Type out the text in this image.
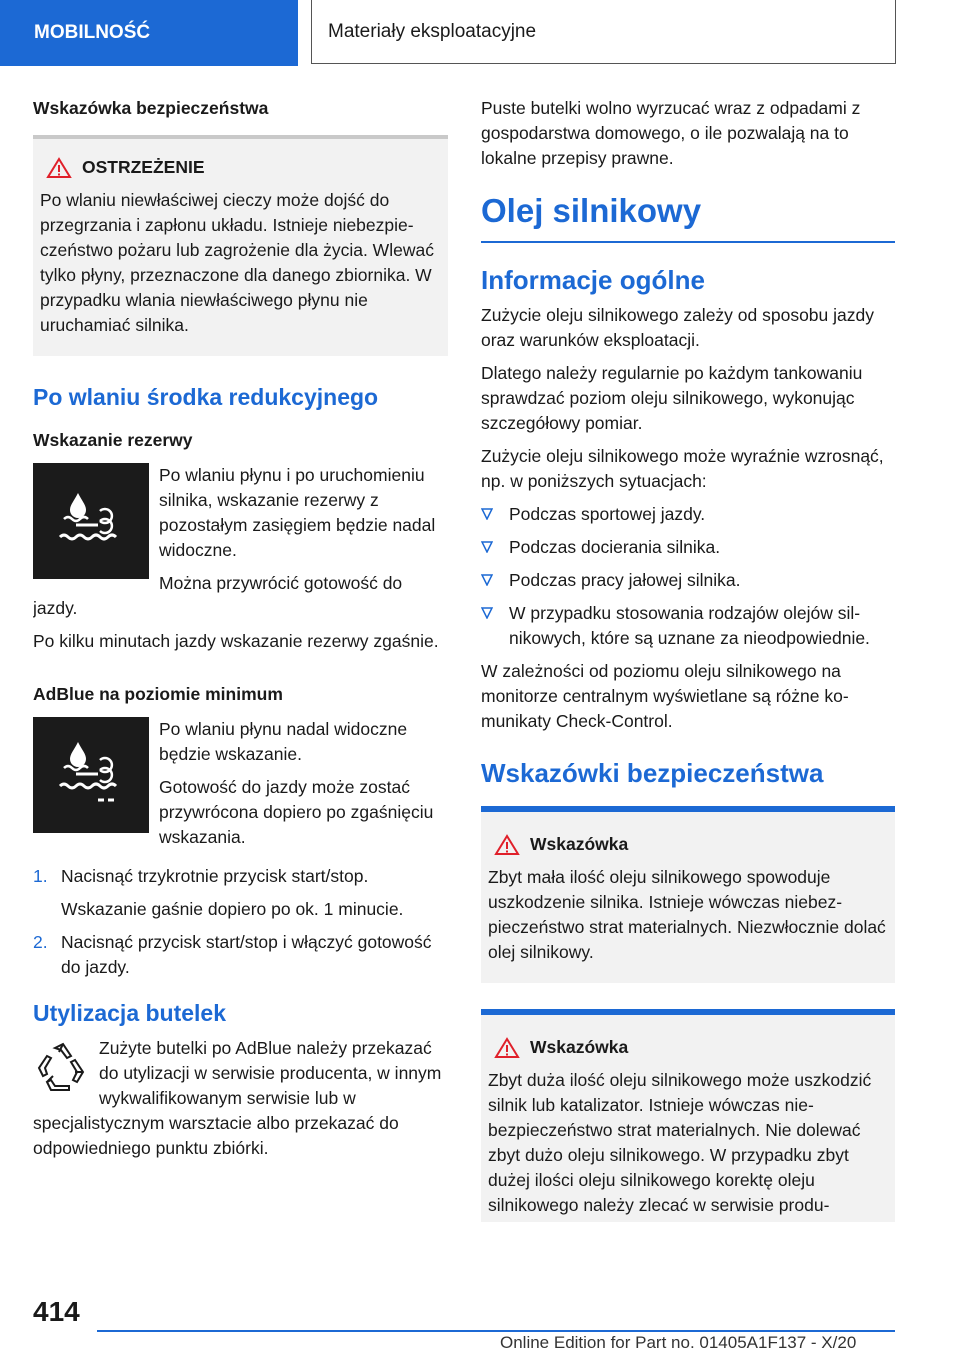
MOBILNOŚĆ	Materiały eksploatacyjne
Wskazówka bezpieczeństwa
OSTRZEŻENIE
Po wlaniu niewłaściwej cieczy może dojść do przegrzania i zapłonu układu. Istnieje niebezpieczeństwo pożaru lub zagrożenie dla życia. Wlewać tylko płyny, przeznaczone dla danego zbiornika. W przypadku wlania niewłaściwego płynu nie uruchamiać silnika.
Po wlaniu środka redukcyjnego
Wskazanie rezerwy

Po wlaniu płynu i po uruchomieniu silnika, wskazanie rezerwy z pozostałym zasięgiem będzie nadal widoczne.

Można przywrócić gotowość do jazdy.

Po kilku minutach jazdy wskazanie rezerwy zgaśnie.

AdBlue na poziomie minimum

Po wlaniu płynu nadal widoczne będzie wskazanie.

Gotowość do jazdy może zostać przywrócona dopiero po zgaśnięciu wskazania.

1. Nacisnąć trzykrotnie przycisk start/stop.
Wskazanie gaśnie dopiero po ok. 1 minucie.
2. Nacisnąć przycisk start/stop i włączyć gotowość do jazdy.
Utylizacja butelek

Zużyte butelki po AdBlue należy przekazać do utylizacji w serwisie producenta, w innym wykwalifikowanym serwisie lub w specjalistycznym warsztacie albo przekazać do odpowiedniego punktu zbiórki.

Puste butelki wolno wyrzucać wraz z odpadami z gospodarstwa domowego, o ile pozwalają na to lokalne przepisy prawne.

Olej silnikowy
Informacje ogólne

Zużycie oleju silnikowego zależy od sposobu jazdy oraz warunków eksploatacji.

Dlatego należy regularnie po każdym tankowaniu sprawdzać poziom oleju silnikowego, wykonując szczegółowy pomiar.

Zużycie oleju silnikowego może wyraźnie wzrosnąć, np. w poniższych sytuacjach:

Podczas sportowej jazdy.
Podczas docierania silnika.
Podczas pracy jałowej silnika.
W przypadku stosowania rodzajów olejów silnikowych, które są uznane za nieodpowiednie.

W zależności od poziomu oleju silnikowego na monitorze centralnym wyświetlane są różne komunikaty Check-Control.

Wskazówki bezpieczeństwa
Wskazówka
Zbyt mała ilość oleju silnikowego spowoduje uszkodzenie silnika. Istnieje wówczas niebezpieczeństwo strat materialnych. Niezwłocznie dolać olej silnikowy.
Wskazówka
Zbyt duża ilość oleju silnikowego może uszkodzić silnik lub katalizator. Istnieje wówczas niebezpieczeństwo strat materialnych. Nie dolewać zbyt dużo oleju silnikowego. W przypadku zbyt dużej ilości oleju silnikowego korektę oleju silnikowego należy zlecać w serwisie produ-
414
Online Edition for Part no. 01405A1F137 - X/20
